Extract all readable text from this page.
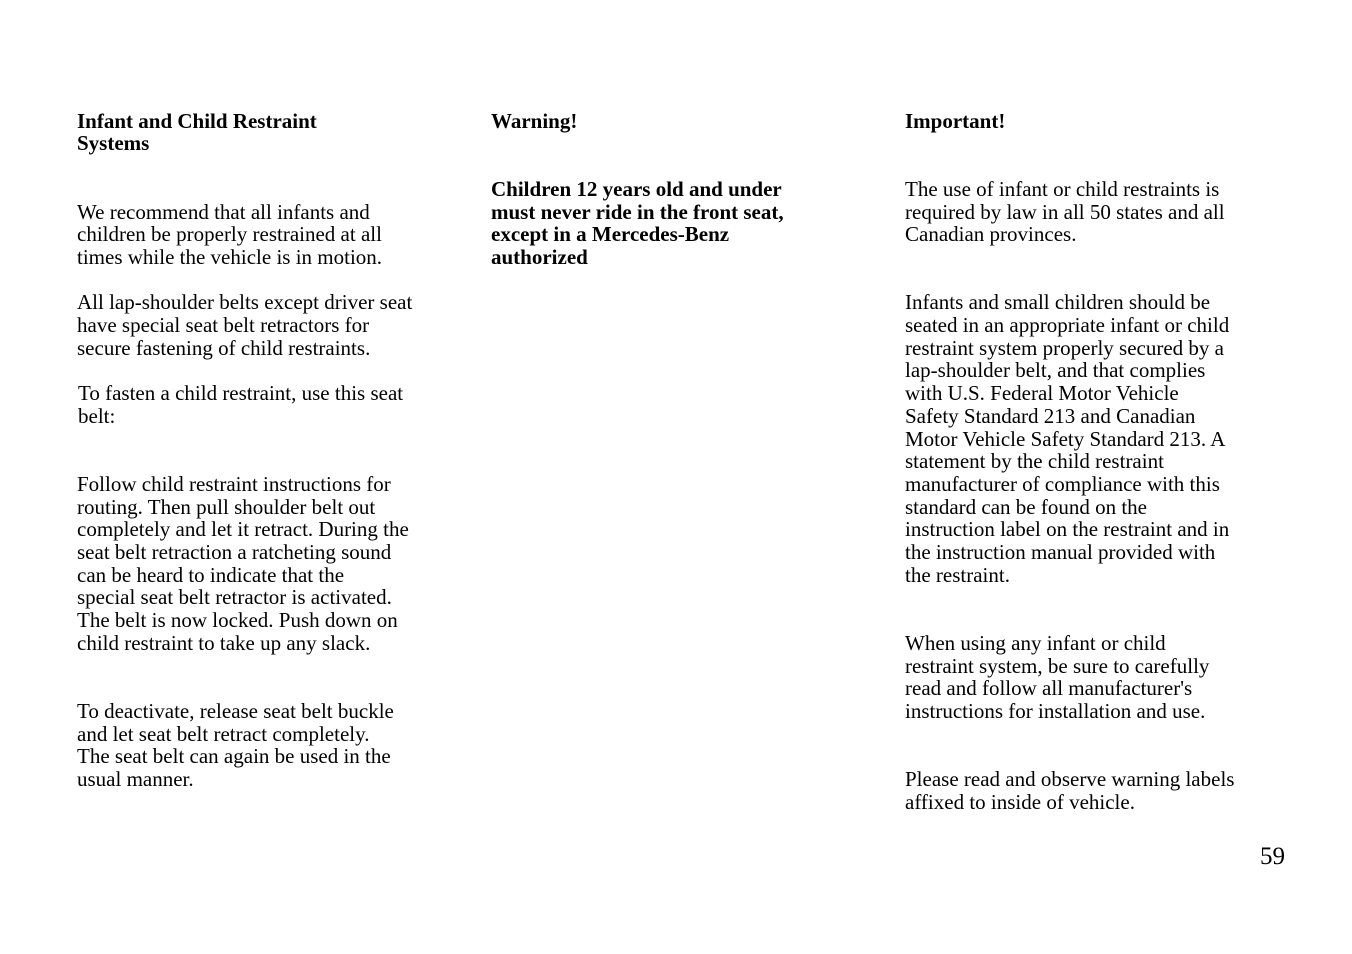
Infant and Child Restraint
Systems

We recommend that all infants and
children be properly restrained at all
times while the vehicle is in motion.

All lap-shoulder belts except driver seat
have special seat belt retractors for
secure fastening of child restraints.

To fasten a child restraint, use this seat
belt:

Follow child restraint instructions for
routing. Then pull shoulder belt out
completely and let it retract. During the
seat belt retraction a ratcheting sound
can be heard to indicate that the
special seat belt retractor is activated.
The belt is now locked. Push down on
child restraint to take up any slack.

To deactivate, release seat belt buckle
and let seat belt retract completely.
The seat belt can again be used in the
usual manner.

Warning!

Children 12 years old and under
must never ride in the front seat,
except in a Mercedes-Benz
authorized

Important!

The use of infant or child restraints is
required by law in all 50 states and all
Canadian provinces.

Infants and small children should be
seated in an appropriate infant or child
restraint system properly secured by a
lap-shoulder belt, and that complies
with U.S. Federal Motor Vehicle
Safety Standard 213 and Canadian
Motor Vehicle Safety Standard 213. A
statement by the child restraint
manufacturer of compliance with this
standard can be found on the
instruction label on the restraint and in
the instruction manual provided with
the restraint.

When using any infant or child
restraint system, be sure to carefully
read and follow all manufacturer's
instructions for installation and use.

Please read and observe warning labels
affixed to inside of vehicle.

59
